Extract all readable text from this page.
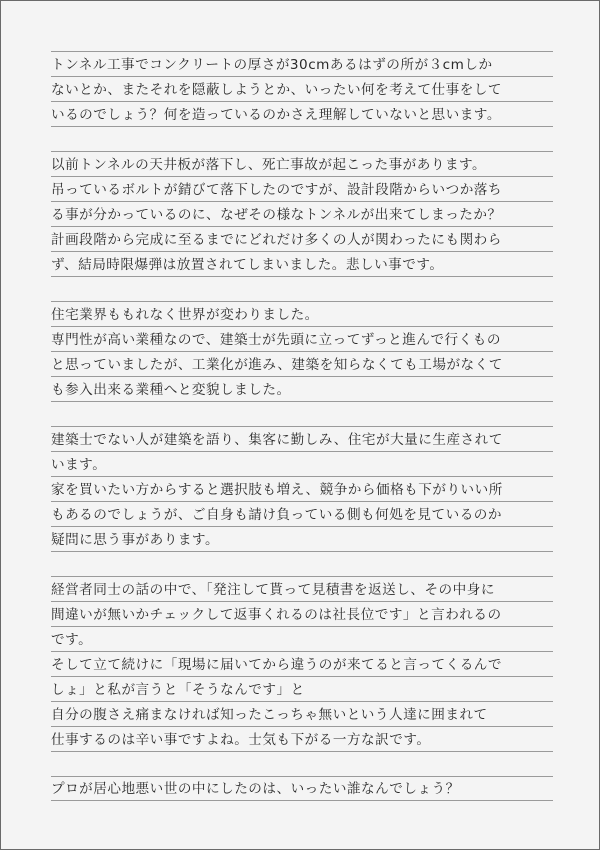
トンネル工事でコンクリートの厚さが30cmあるはずの所が３cmしか
ないとか、またそれを隠蔽しようとか、いったい何を考えて仕事をして
いるのでしょう？何を造っているのかさえ理解していないと思います。
以前トンネルの天井板が落下し、死亡事故が起こった事があります。
吊っているボルトが錆びて落下したのですが、設計段階からいつか落ち
る事が分かっているのに、なぜその様なトンネルが出来てしまったか？
計画段階から完成に至るまでにどれだけ多くの人が関わったにも関わら
ず、結局時限爆弾は放置されてしまいました。悲しい事です。
住宅業界ももれなく世界が変わりました。
専門性が高い業種なので、建築士が先頭に立ってずっと進んで行くもの
と思っていましたが、工業化が進み、建築を知らなくても工場がなくて
も参入出来る業種へと変貌しました。
建築士でない人が建築を語り、集客に勤しみ、住宅が大量に生産されて
います。
家を買いたい方からすると選択肢も増え、競争から価格も下がりいい所
もあるのでしょうが、ご自身も請け負っている側も何処を見ているのか
疑問に思う事があります。
経営者同士の話の中で、「発注して貰って見積書を返送し、その中身に
間違いが無いかチェックして返事くれるのは社長位です」と言われるの
です。
そして立て続けに「現場に届いてから違うのが来てると言ってくるんで
しょ」と私が言うと「そうなんです」と
自分の腹さえ痛まなければ知ったこっちゃ無いという人達に囲まれて
仕事するのは辛い事ですよね。士気も下がる一方な訳です。
プロが居心地悪い世の中にしたのは、いったい誰なんでしょう？
